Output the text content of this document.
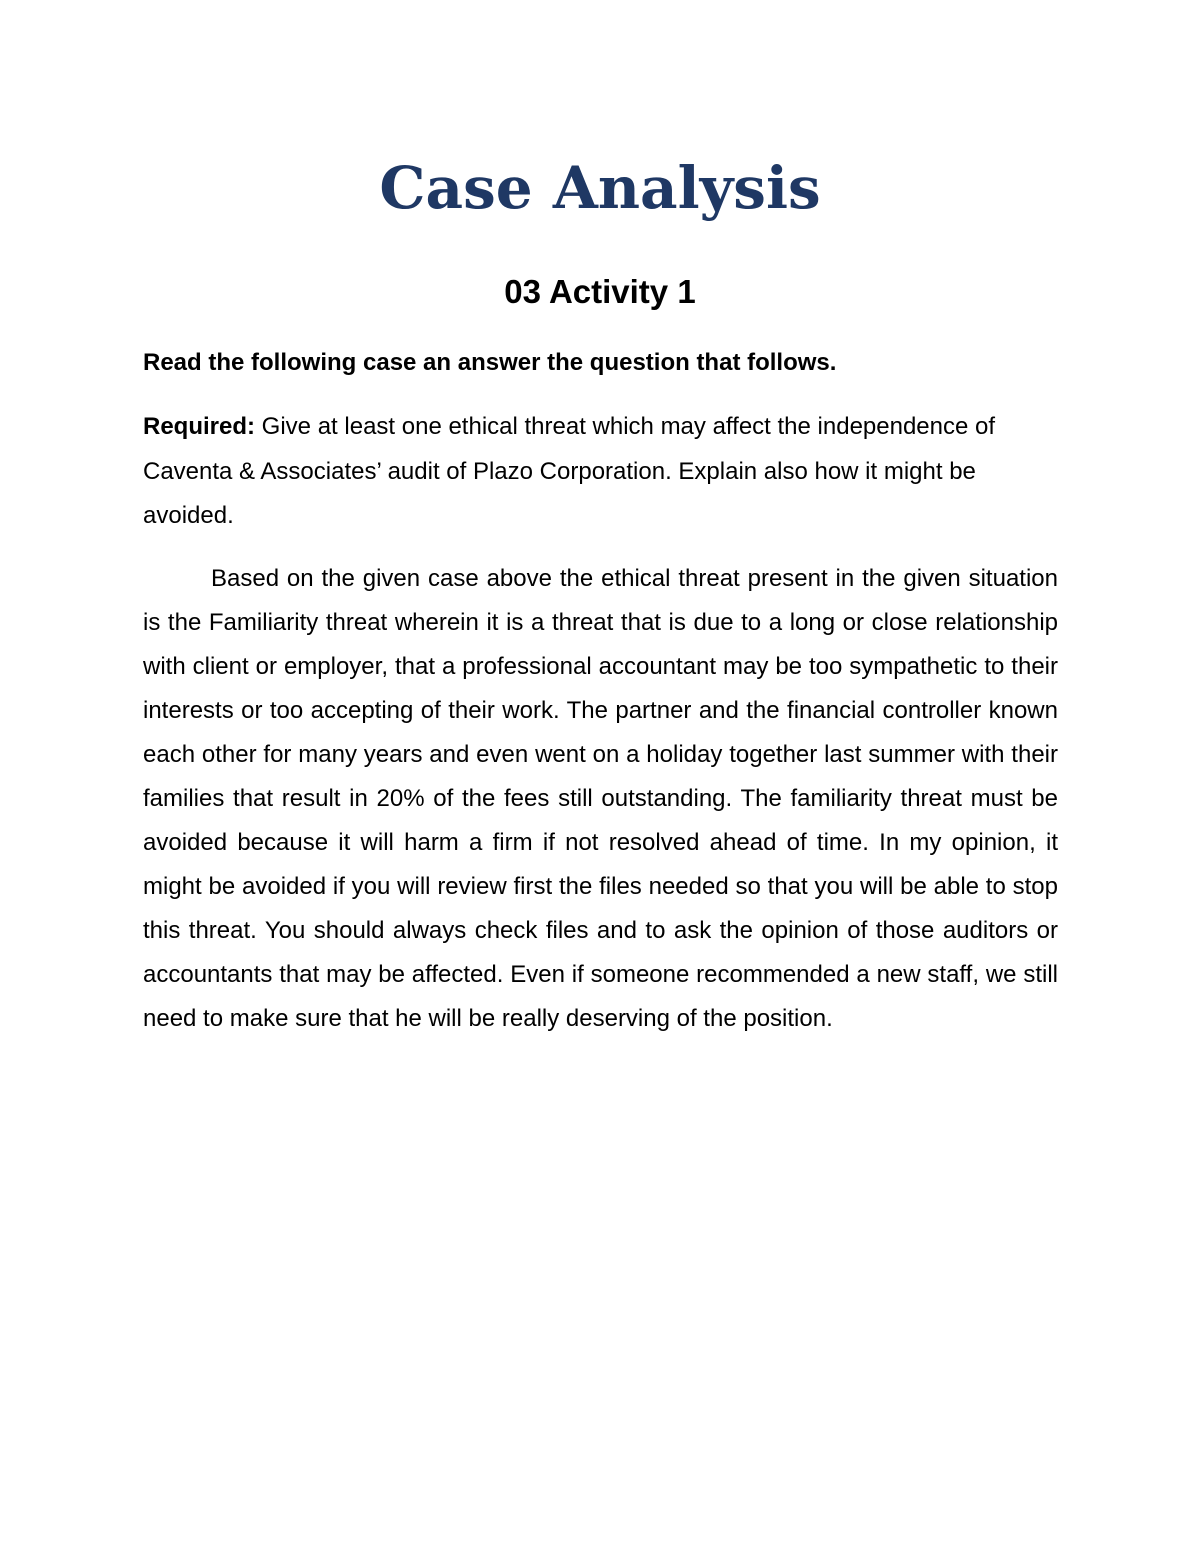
Case Analysis
03 Activity 1

Read the following case an answer the question that follows.

Required: Give at least one ethical threat which may affect the independence of Caventa & Associates’ audit of Plazo Corporation. Explain also how it might be avoided.

Based on the given case above the ethical threat present in the given situation is the Familiarity threat wherein it is a threat that is due to a long or close relationship with client or employer, that a professional accountant may be too sympathetic to their interests or too accepting of their work. The partner and the financial controller known each other for many years and even went on a holiday together last summer with their families that result in 20% of the fees still outstanding. The familiarity threat must be avoided because it will harm a firm if not resolved ahead of time. In my opinion, it might be avoided if you will review first the files needed so that you will be able to stop this threat. You should always check files and to ask the opinion of those auditors or accountants that may be affected. Even if someone recommended a new staff, we still need to make sure that he will be really deserving of the position.
